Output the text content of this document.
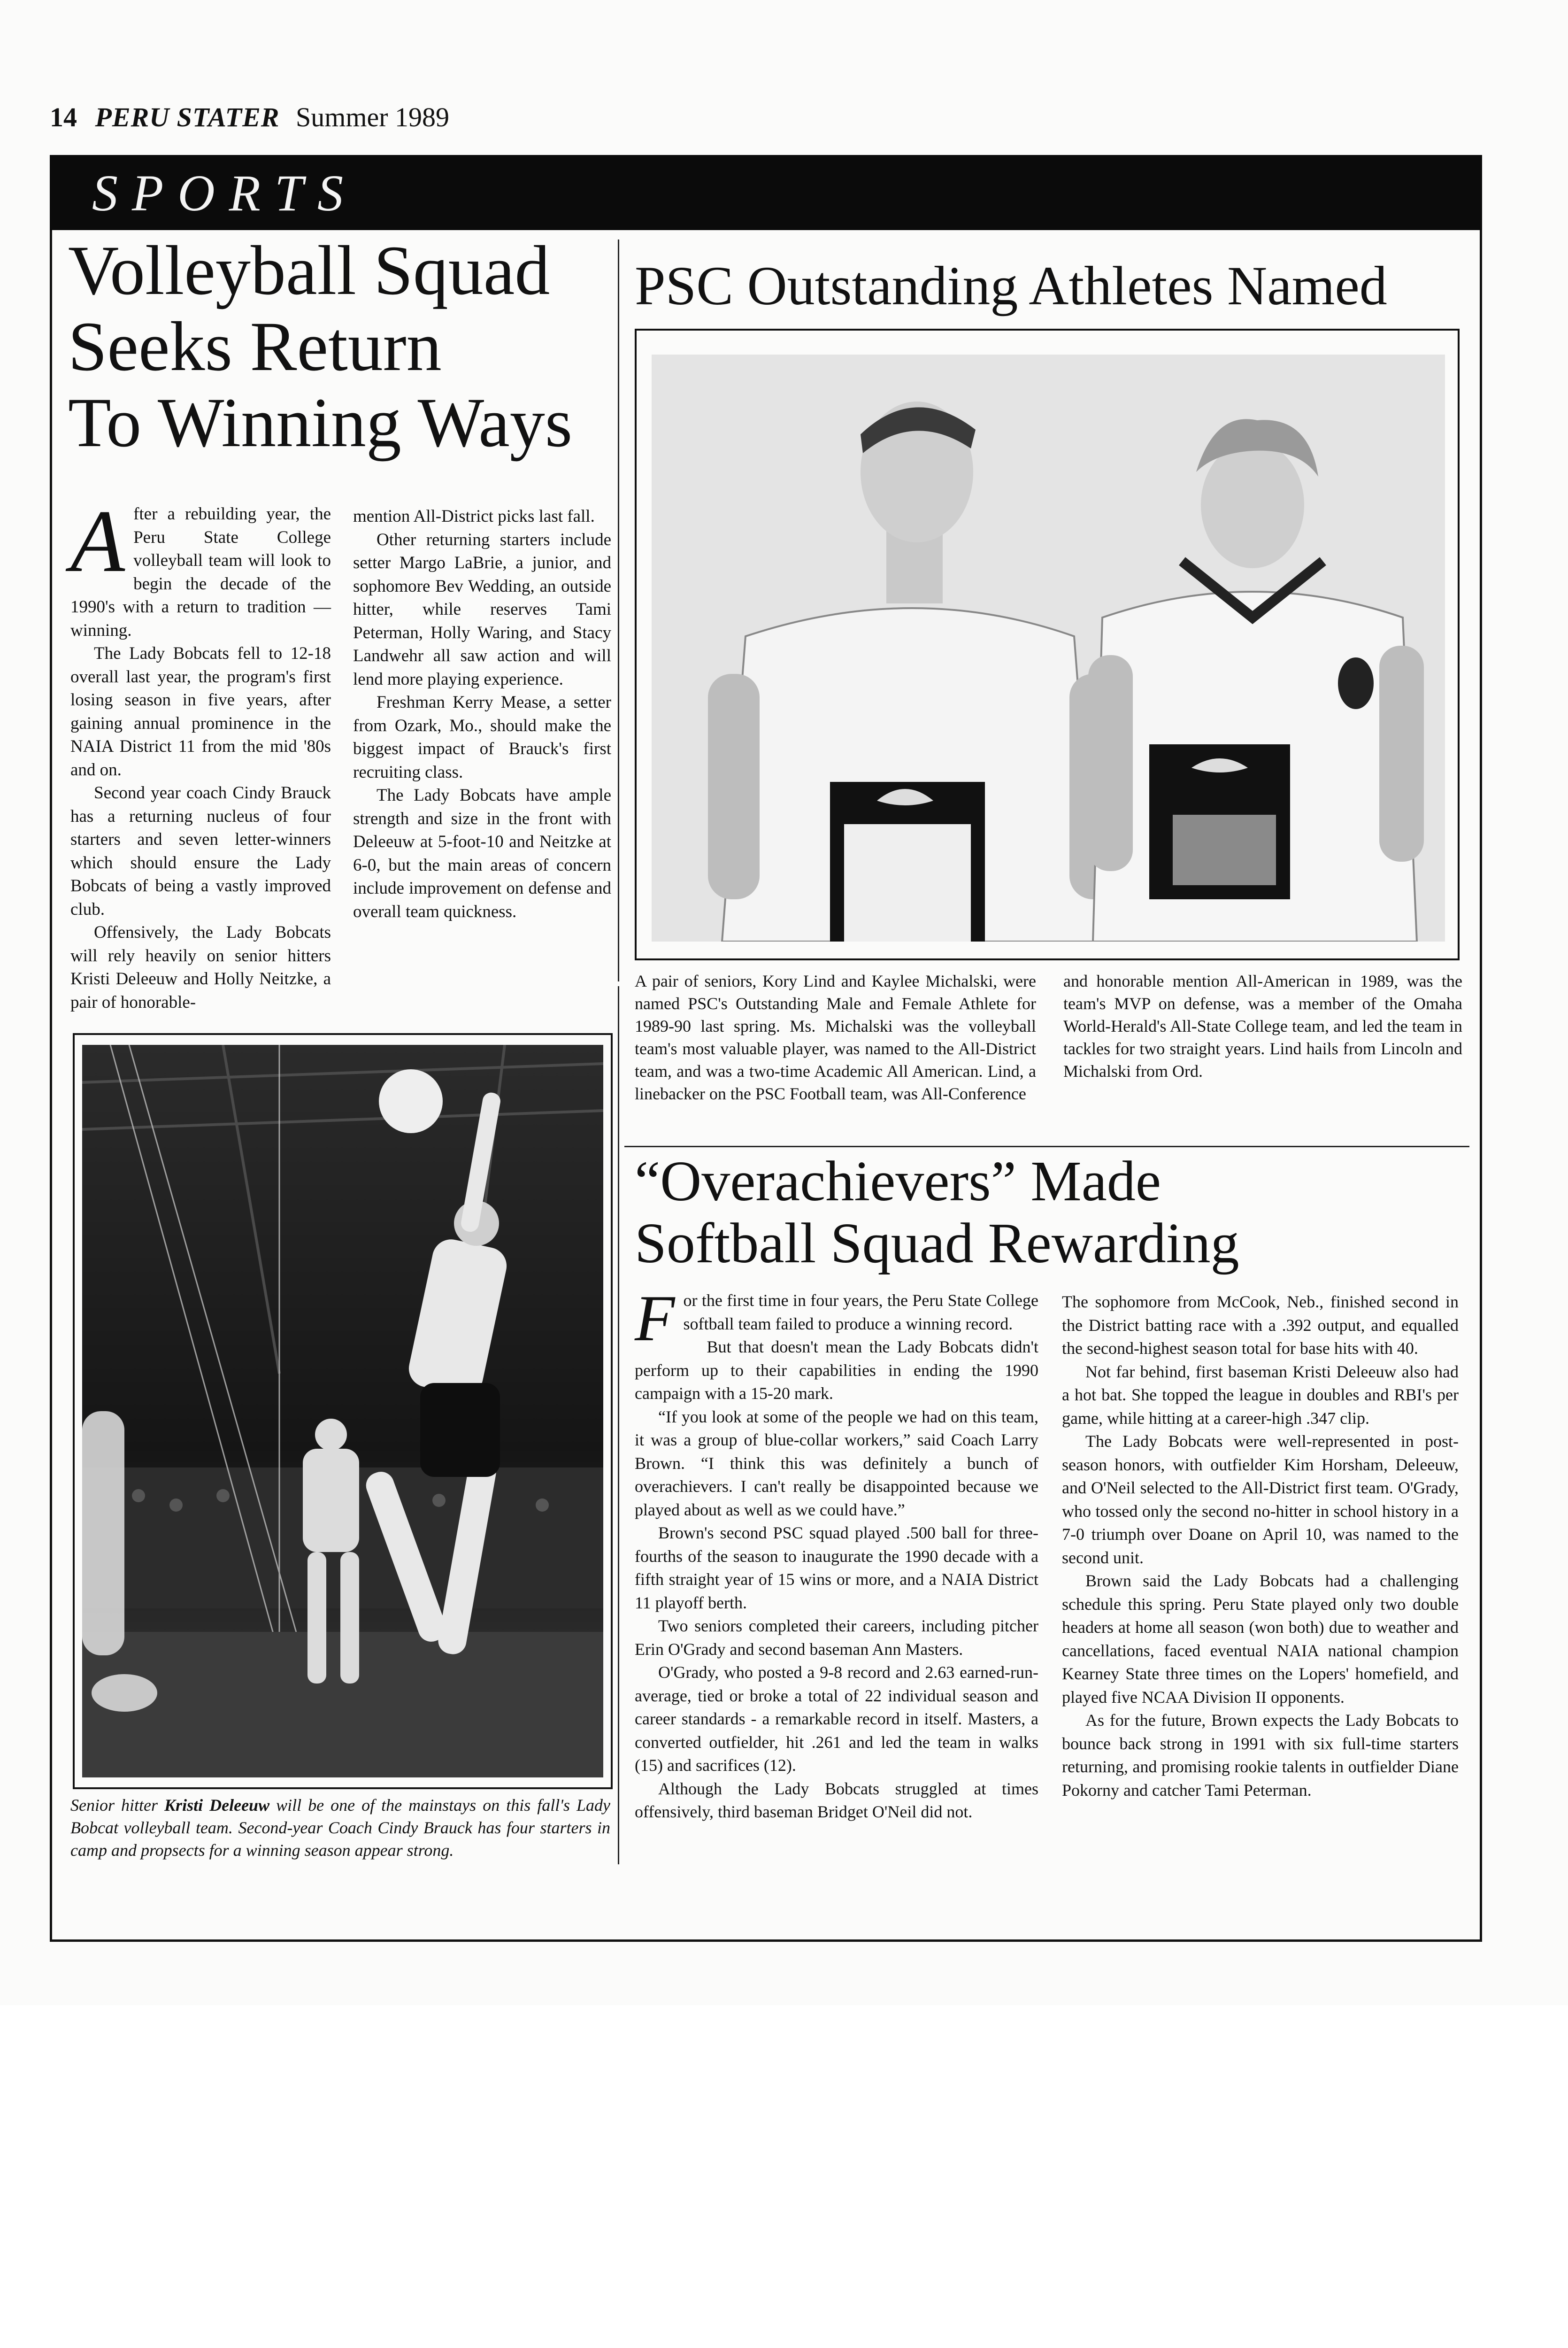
14 PERU STATER Summer 1989
SPORTS
Volleyball Squad
Seeks Return
To Winning Ways

After a rebuilding year, the Peru State College volleyball team will look to begin the decade of the 1990's with a return to tradition — winning.

The Lady Bobcats fell to 12-18 overall last year, the program's first losing season in five years, after gaining annual prominence in the NAIA District 11 from the mid '80s and on.

Second year coach Cindy Brauck has a returning nucleus of four starters and seven letter-winners which should ensure the Lady Bobcats of being a vastly improved club.

Offensively, the Lady Bobcats will rely heavily on senior hitters Kristi Deleeuw and Holly Neitzke, a pair of honorable-

mention All-District picks last fall.

Other returning starters include setter Margo LaBrie, a junior, and sophomore Bev Wedding, an outside hitter, while reserves Tami Peterman, Holly Waring, and Stacy Landwehr all saw action and will lend more playing experience.

Freshman Kerry Mease, a setter from Ozark, Mo., should make the biggest impact of Brauck's first recruiting class.

The Lady Bobcats have ample strength and size in the front with Deleeuw at 5-foot-10 and Neitzke at 6-0, but the main areas of concern include improvement on defense and overall team quickness.

Senior hitter Kristi Deleeuw will be one of the mainstays on this fall's Lady Bobcat volleyball team. Second-year Coach Cindy Brauck has four starters in camp and propsects for a winning season appear strong.

PSC Outstanding Athletes Named

A pair of seniors, Kory Lind and Kaylee Michalski, were named PSC's Outstanding Male and Female Athlete for 1989-90 last spring. Ms. Michalski was the volleyball team's most valuable player, was named to the All-District team, and was a two-time Academic All American. Lind, a linebacker on the PSC Football team, was All-Conference

and honorable mention All-American in 1989, was the team's MVP on defense, was a member of the Omaha World-Herald's All-State College team, and led the team in tackles for two straight years. Lind hails from Lincoln and Michalski from Ord.

“Overachievers” Made
Softball Squad Rewarding

For the first time in four years, the Peru State College softball team failed to produce a winning record.

But that doesn't mean the Lady Bobcats didn't perform up to their capabilities in ending the 1990 campaign with a 15-20 mark.

“If you look at some of the people we had on this team, it was a group of blue-collar workers,” said Coach Larry Brown. “I think this was definitely a bunch of overachievers. I can't really be disappointed because we played about as well as we could have.”

Brown's second PSC squad played .500 ball for three-fourths of the season to inaugurate the 1990 decade with a fifth straight year of 15 wins or more, and a NAIA District 11 playoff berth.

Two seniors completed their careers, including pitcher Erin O'Grady and second baseman Ann Masters.

O'Grady, who posted a 9-8 record and 2.63 earned-run-average, tied or broke a total of 22 individual season and career standards - a remarkable record in itself. Masters, a converted outfielder, hit .261 and led the team in walks (15) and sacrifices (12).

Although the Lady Bobcats struggled at times offensively, third baseman Bridget O'Neil did not.

The sophomore from McCook, Neb., finished second in the District batting race with a .392 output, and equalled the second-highest season total for base hits with 40.

Not far behind, first baseman Kristi Deleeuw also had a hot bat. She topped the league in doubles and RBI's per game, while hitting at a career-high .347 clip.

The Lady Bobcats were well-represented in post-season honors, with outfielder Kim Horsham, Deleeuw, and O'Neil selected to the All-District first team. O'Grady, who tossed only the second no-hitter in school history in a 7-0 triumph over Doane on April 10, was named to the second unit.

Brown said the Lady Bobcats had a challenging schedule this spring. Peru State played only two double headers at home all season (won both) due to weather and cancellations, faced eventual NAIA national champion Kearney State three times on the Lopers' homefield, and played five NCAA Division II opponents.

As for the future, Brown expects the Lady Bobcats to bounce back strong in 1991 with six full-time starters returning, and promising rookie talents in outfielder Diane Pokorny and catcher Tami Peterman.
